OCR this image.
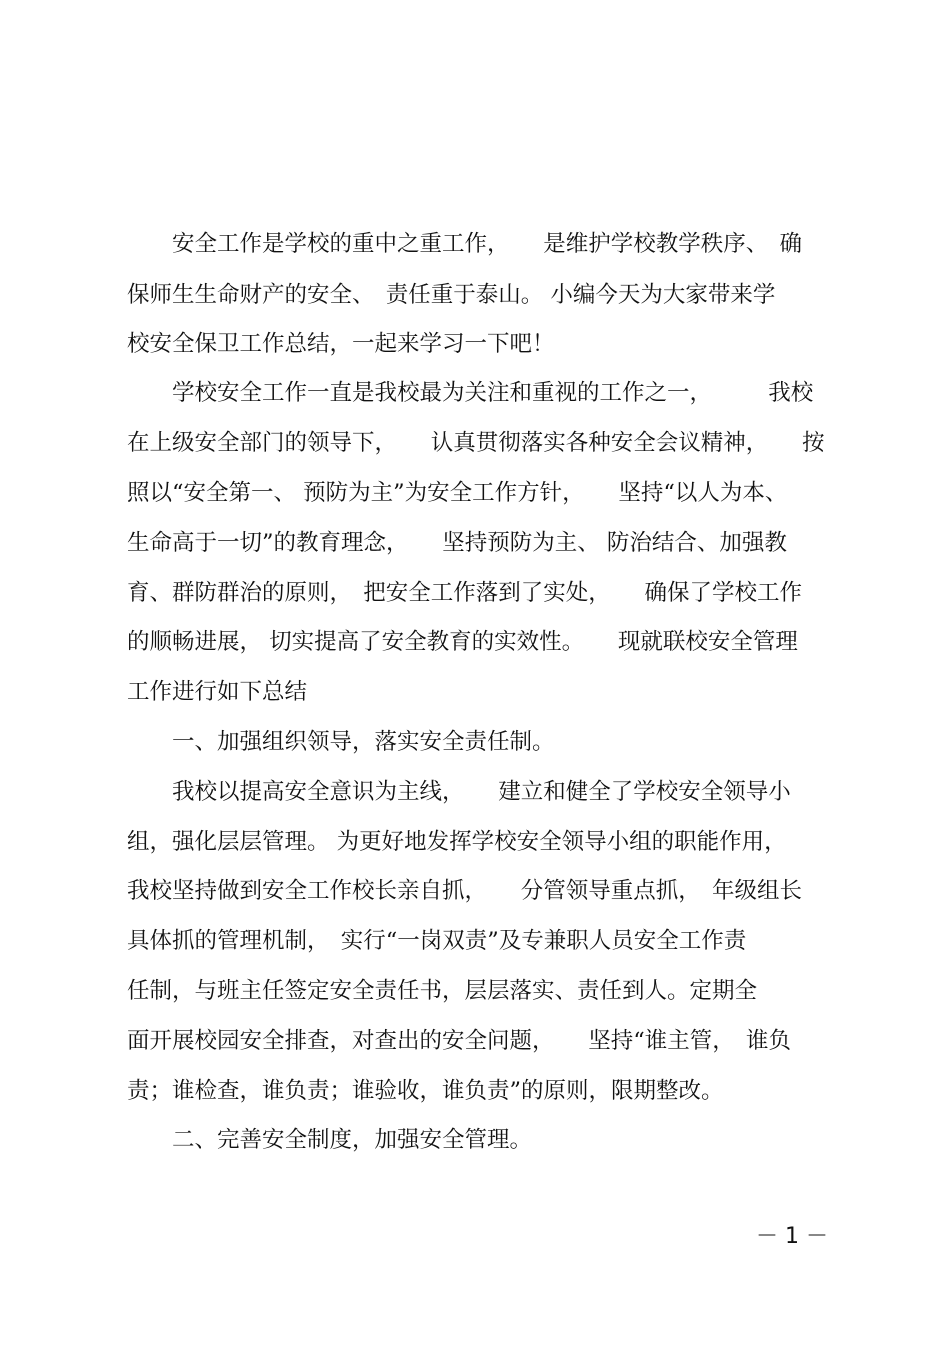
　　安全工作是学校的重中之重工作，　　是维护学校教学秩序、　确
保师生生命财产的安全、　责任重于泰山。 小编今天为大家带来学
校安全保卫工作总结，一起来学习一下吧！
　　学校安全工作一直是我校最为关注和重视的工作之一，　　　我校
在上级安全部门的领导下，　　认真贯彻落实各种安全会议精神，　　按
照以“安全第一、 预防为主”为安全工作方针，　　坚持“以人为本、
生命高于一切”的教育理念，　　坚持预防为主、 防治结合、加强教
育、群防群治的原则，　把安全工作落到了实处，　　确保了学校工作
的顺畅进展， 切实提高了安全教育的实效性。　　现就联校安全管理
工作进行如下总结
　　一、加强组织领导，落实安全责任制。
　　我校以提高安全意识为主线，　　建立和健全了学校安全领导小
组，强化层层管理。 为更好地发挥学校安全领导小组的职能作用，
我校坚持做到安全工作校长亲自抓，　　分管领导重点抓，　年级组长
具体抓的管理机制，　实行“一岗双责”及专兼职人员安全工作责
任制，与班主任签定安全责任书，层层落实、责任到人。定期全
面开展校园安全排查，对查出的安全问题，　　坚持“谁主管，　谁负
责；谁检查，谁负责；谁验收，谁负责”的原则，限期整改。
　　二、完善安全制度，加强安全管理。
－ 1 －
